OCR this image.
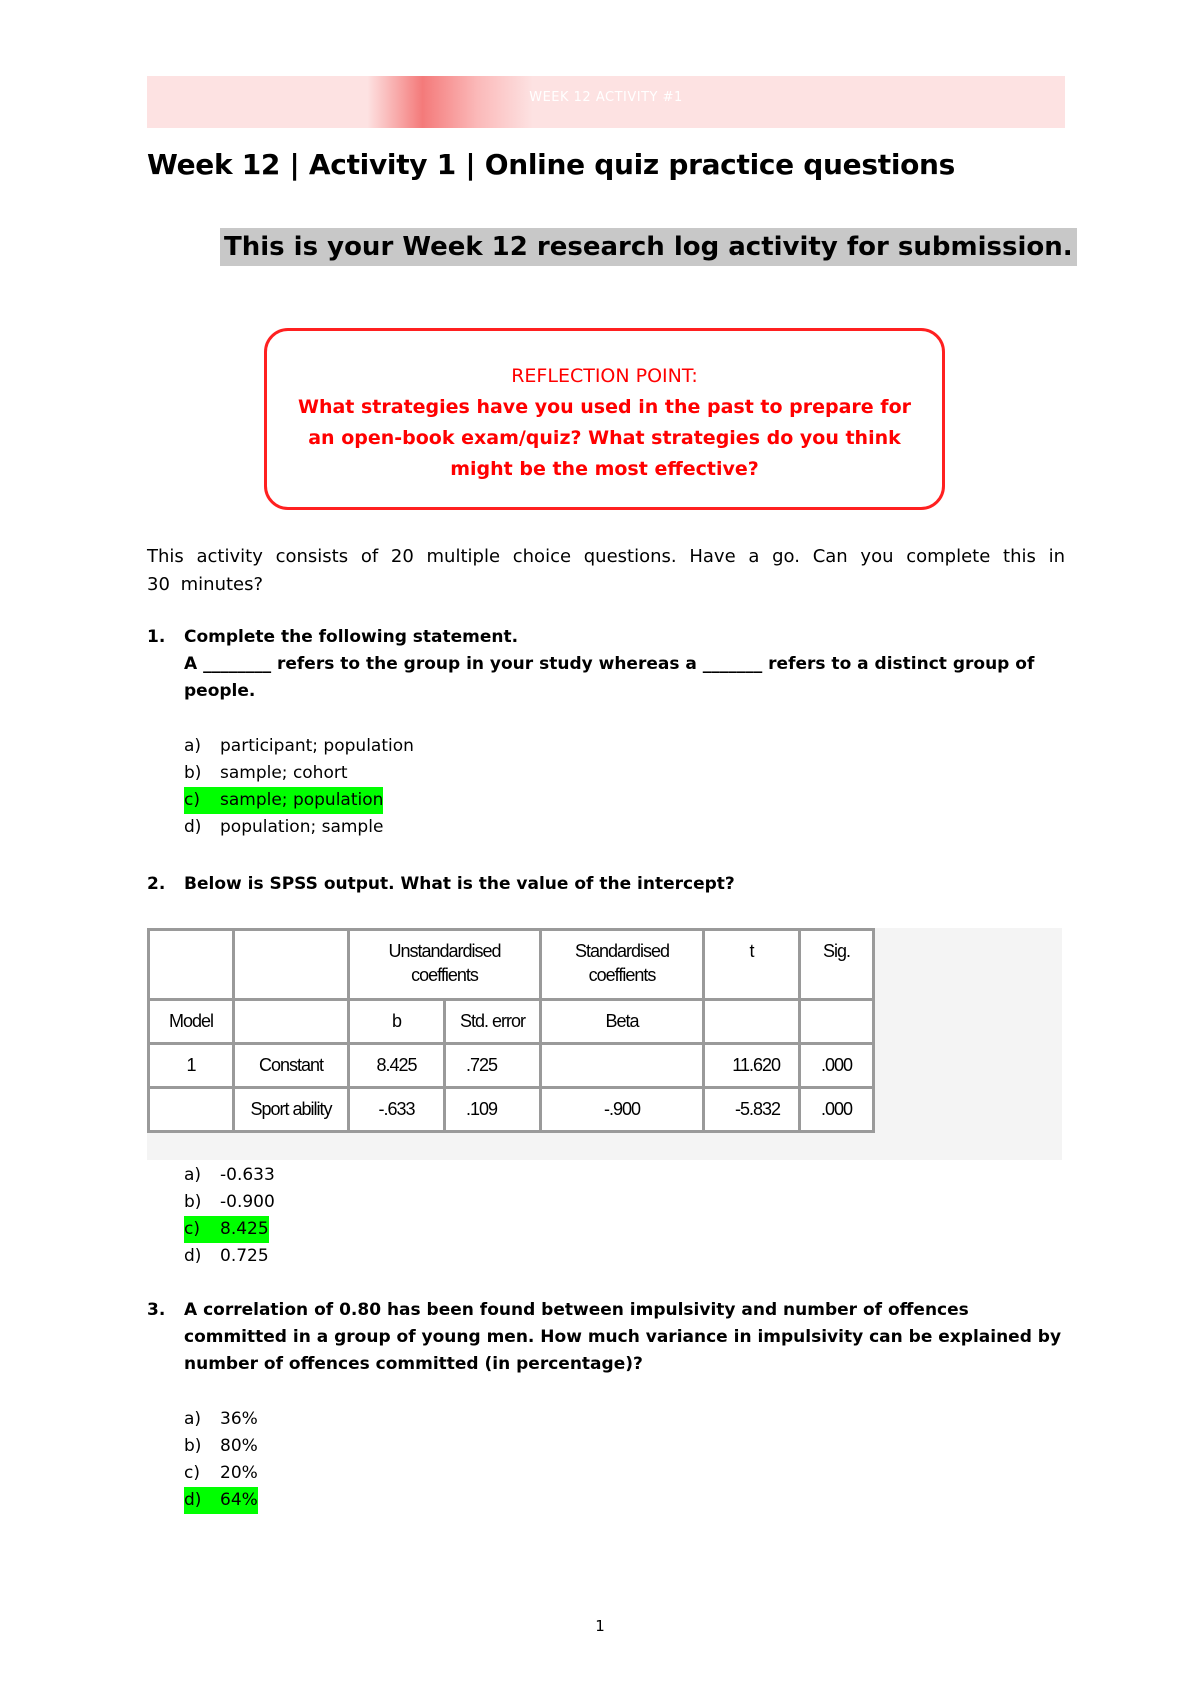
WEEK 12 ACTIVITY #1
Week 12 | Activity 1 | Online quiz practice questions
This is your Week 12 research log activity for submission.
REFLECTION POINT:
What strategies have you used in the past to prepare for an open-book exam/quiz? What strategies do you think might be the most effective?
This activity consists of 20 multiple choice questions. Have a go. Can you complete this in 30 minutes?
1. Complete the following statement.
A ________ refers to the group in your study whereas a _______ refers to a distinct group of people.
a) participant; population
b) sample; cohort
c) sample; population
d) population; sample
2. Below is SPSS output. What is the value of the intercept?
		Unstandardised coeffients		Standardised coeffients	t	Sig.
Model		b	Std. error	Beta		
1	Constant	8.425	.725		11.620	.000
	Sport ability	-.633	.109	-.900	-5.832	.000
a) -0.633
b) -0.900
c) 8.425
d) 0.725
3. A correlation of 0.80 has been found between impulsivity and number of offences committed in a group of young men. How much variance in impulsivity can be explained by number of offences committed (in percentage)?
a) 36%
b) 80%
c) 20%
d) 64%
1
